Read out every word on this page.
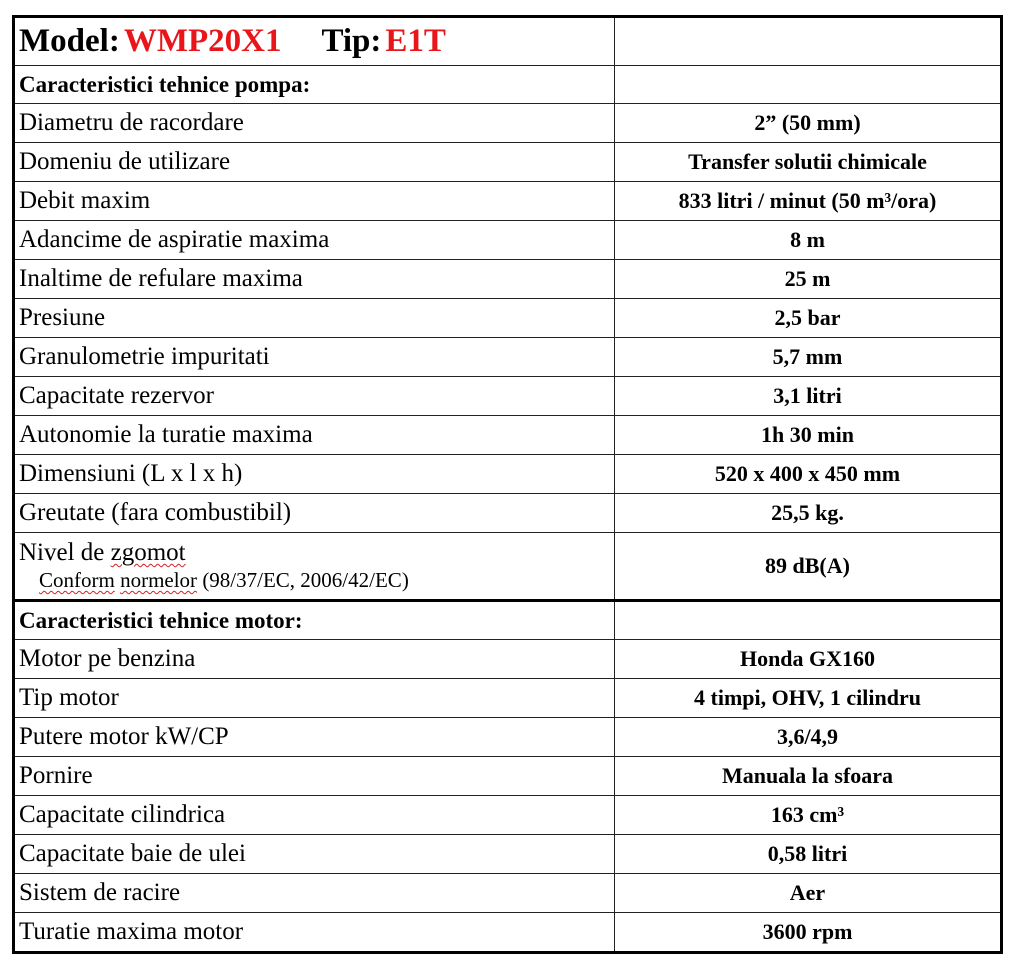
Model: WMP20X1 Tip: E1T	
Caracteristici tehnice pompa:	
Diametru de racordare	2” (50 mm)
Domeniu de utilizare	Transfer solutii chimicale
Debit maxim	833 litri / minut (50 m³/ora)
Adancime de aspiratie maxima	8 m
Inaltime de refulare maxima	25 m
Presiune	2,5 bar
Granulometrie impuritati	5,7 mm
Capacitate rezervor	3,1 litri
Autonomie la turatie maxima	1h 30 min
Dimensiuni (L x l x h)	520 x 400 x 450 mm
Greutate (fara combustibil)	25,5 kg.

Nivel de zgomot
Conform normelor (98/37/EC, 2006/42/EC)	89 dB(A)
Caracteristici tehnice motor:	
Motor pe benzina	Honda GX160
Tip motor	4 timpi, OHV, 1 cilindru
Putere motor kW/CP	3,6/4,9
Pornire	Manuala la sfoara
Capacitate cilindrica	163 cm³
Capacitate baie de ulei	0,58 litri
Sistem de racire	Aer
Turatie maxima motor	3600 rpm
